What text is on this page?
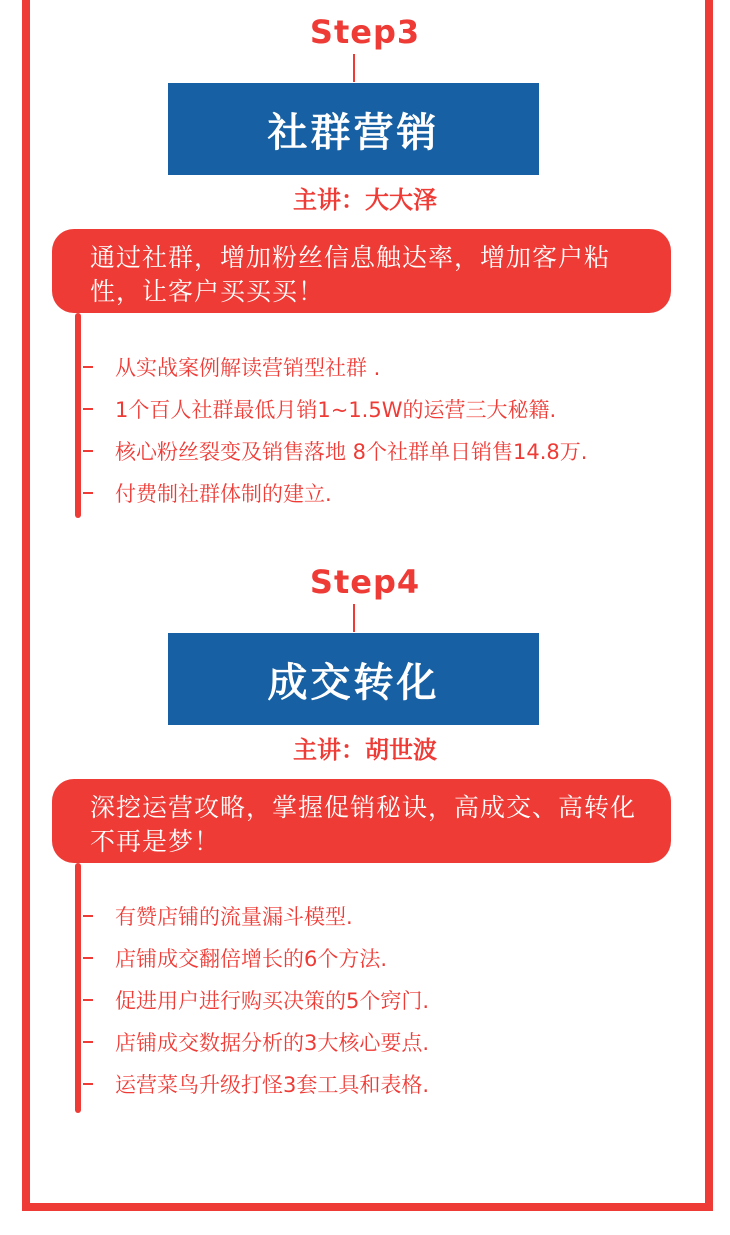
Step3
社群营销
主讲：大大泽
通过社群，增加粉丝信息触达率，增加客户粘性，让客户买买买！
从实战案例解读营销型社群 .
1个百人社群最低月销1~1.5W的运营三大秘籍.
核心粉丝裂变及销售落地 8个社群单日销售14.8万.
付费制社群体制的建立.
Step4
成交转化
主讲：胡世波
深挖运营攻略，掌握促销秘诀，高成交、高转化不再是梦！
有赞店铺的流量漏斗模型.
店铺成交翻倍增长的6个方法.
促进用户进行购买决策的5个窍门.
店铺成交数据分析的3大核心要点.
运营菜鸟升级打怪3套工具和表格.
